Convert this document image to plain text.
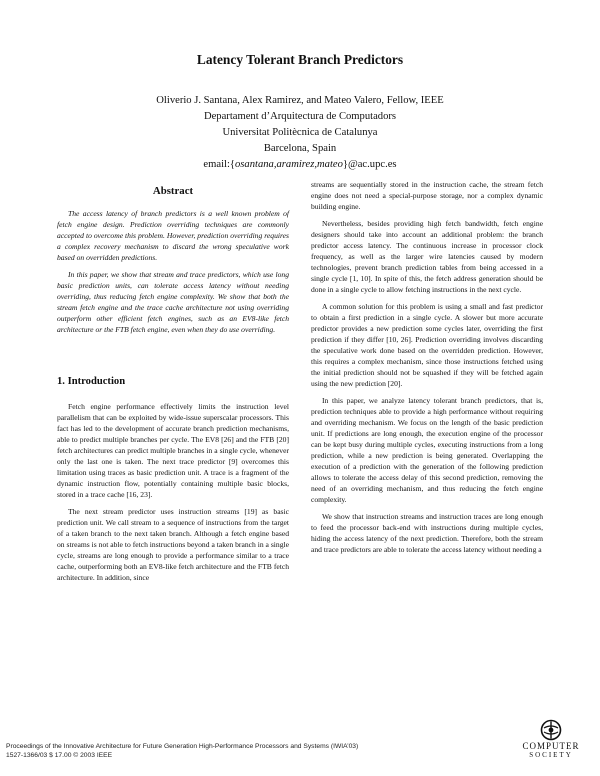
Latency Tolerant Branch Predictors
Oliverio J. Santana, Alex Ramirez, and Mateo Valero, Fellow, IEEE
Departament d’Arquitectura de Computadors
Universitat Politècnica de Catalunya
Barcelona, Spain
email:{osantana,aramirez,mateo}@ac.upc.es
Abstract

The access latency of branch predictors is a well known problem of fetch engine design. Prediction overriding techniques are commonly accepted to overcome this problem. However, prediction overriding requires a complex recovery mechanism to discard the wrong speculative work based on overridden predictions.

In this paper, we show that stream and trace predictors, which use long basic prediction units, can tolerate access latency without needing overriding, thus reducing fetch engine complexity. We show that both the stream fetch engine and the trace cache architecture not using overriding outperform other efficient fetch engines, such as an EV8-like fetch architecture or the FTB fetch engine, even when they do use overriding.

1. Introduction

Fetch engine performance effectively limits the instruction level parallelism that can be exploited by wide-issue superscalar processors. This fact has led to the development of accurate branch prediction mechanisms, able to predict multiple branches per cycle. The EV8 [26] and the FTB [20] fetch architectures can predict multiple branches in a single cycle, whenever only the last one is taken. The next trace predictor [9] overcomes this limitation using traces as basic prediction unit. A trace is a fragment of the dynamic instruction flow, potentially containing multiple basic blocks, stored in a trace cache [16, 23].

The next stream predictor uses instruction streams [19] as basic prediction unit. We call stream to a sequence of instructions from the target of a taken branch to the next taken branch. Although a fetch engine based on streams is not able to fetch instructions beyond a taken branch in a single cycle, streams are long enough to provide a performance similar to a trace cache, outperforming both an EV8-like fetch architecture and the FTB fetch architecture. In addition, since

streams are sequentially stored in the instruction cache, the stream fetch engine does not need a special-purpose storage, nor a complex dynamic building engine.

Nevertheless, besides providing high fetch bandwidth, fetch engine designers should take into account an additional problem: the branch predictor access latency. The continuous increase in processor clock frequency, as well as the larger wire latencies caused by modern technologies, prevent branch prediction tables from being accessed in a single cycle [1, 10]. In spite of this, the fetch address generation should be done in a single cycle to allow fetching instructions in the next cycle.

A common solution for this problem is using a small and fast predictor to obtain a first prediction in a single cycle. A slower but more accurate predictor provides a new prediction some cycles later, overriding the first prediction if they differ [10, 26]. Prediction overriding involves discarding the speculative work done based on the overridden prediction. However, this requires a complex mechanism, since those instructions fetched using the initial prediction should not be squashed if they will be fetched again using the new prediction [20].

In this paper, we analyze latency tolerant branch predictors, that is, prediction techniques able to provide a high performance without requiring and overriding mechanism. We focus on the length of the basic prediction unit. If predictions are long enough, the execution engine of the processor can be kept busy during multiple cycles, executing instructions from a long prediction, while a new prediction is being generated. Overlapping the execution of a prediction with the generation of the following prediction allows to tolerate the access delay of this second prediction, removing the need of an overriding mechanism, and thus reducing the fetch engine complexity.

We show that instruction streams and instruction traces are long enough to feed the processor back-end with instructions during multiple cycles, hiding the access latency of the next prediction. Therefore, both the stream and trace predictors are able to tolerate the access latency without needing a

Proceedings of the Innovative Architecture for Future Generation High-Performance Processors and Systems (IWIA’03)
1527-1366/03 $ 17.00 © 2003 IEEE
COMPUTER
SOCIETY
